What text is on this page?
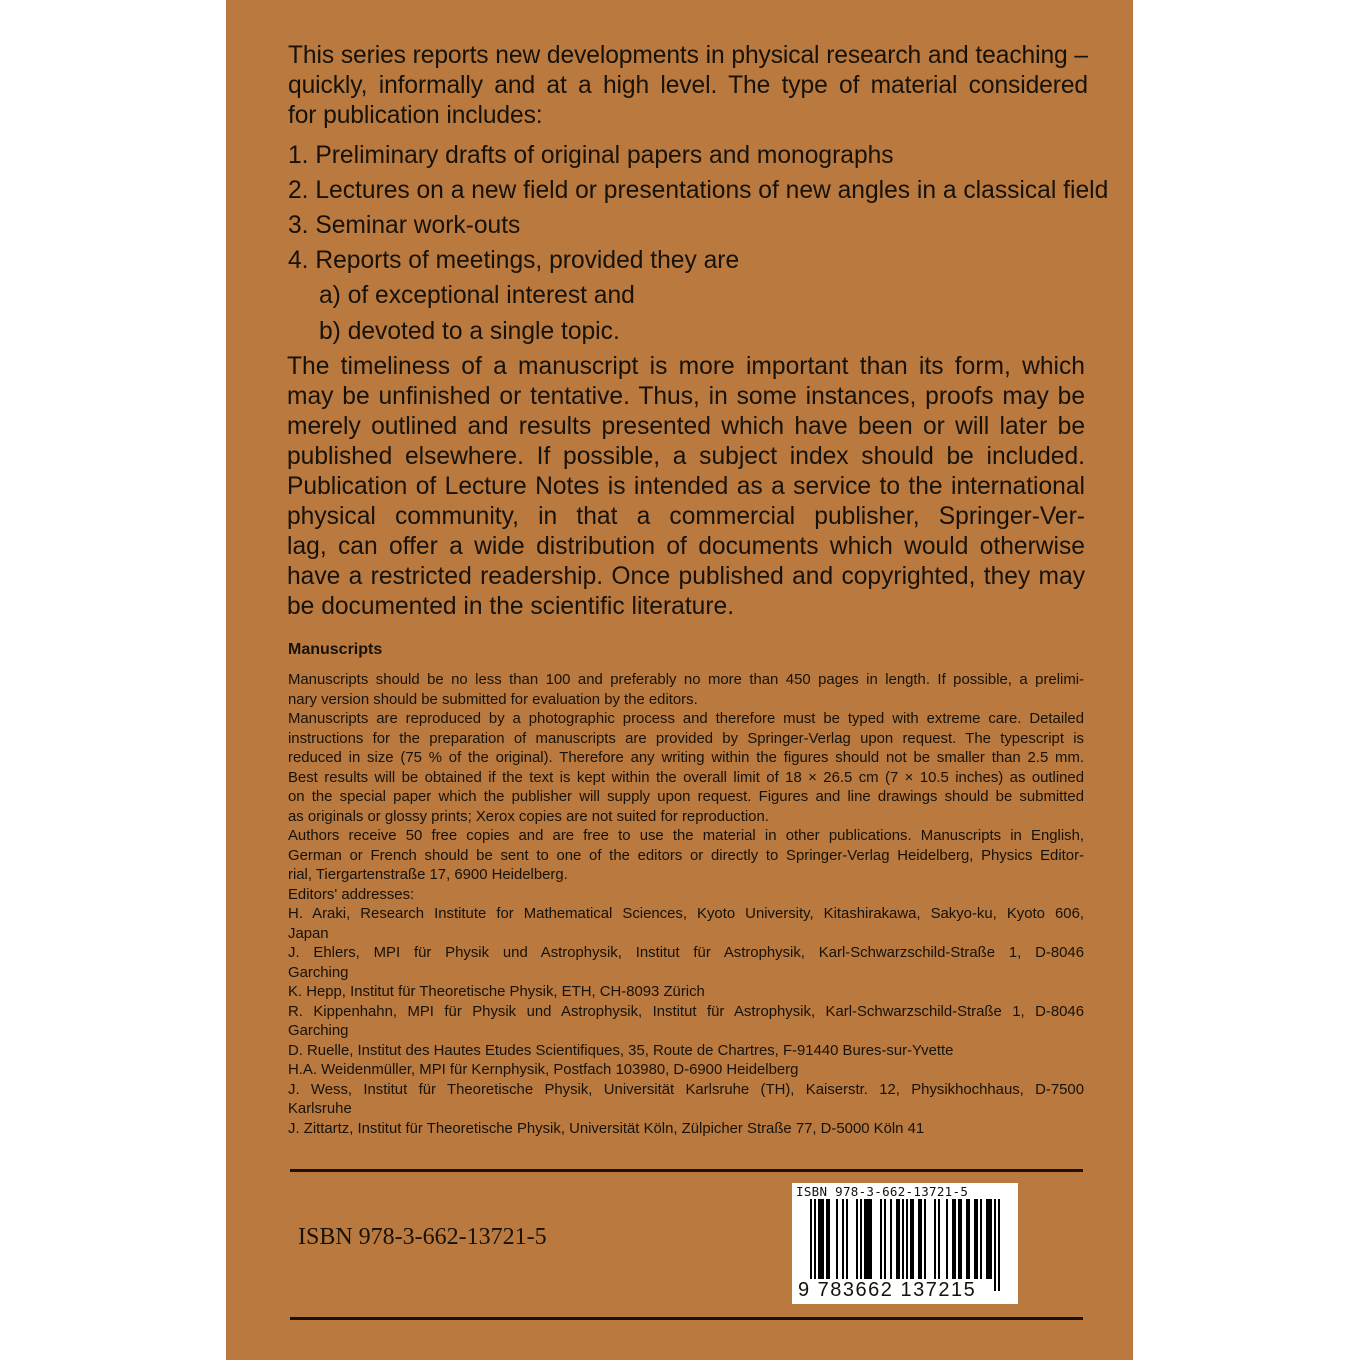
This series reports new developments in physical research and teaching –
quickly, informally and at a high level. The type of material considered
for publication includes:

1. Preliminary drafts of original papers and monographs
2. Lectures on a new field or presentations of new angles in a classical field
3. Seminar work-outs
4. Reports of meetings, provided they are
a) of exceptional interest and
b) devoted to a single topic.

The timeliness of a manuscript is more important than its form, which
may be unfinished or tentative. Thus, in some instances, proofs may be
merely outlined and results presented which have been or will later be
published elsewhere. If possible, a subject index should be included.
Publication of Lecture Notes is intended as a service to the international
physical community, in that a commercial publisher, Springer-Ver-
lag, can offer a wide distribution of documents which would otherwise
have a restricted readership. Once published and copyrighted, they may
be documented in the scientific literature.

Manuscripts

Manuscripts should be no less than 100 and preferably no more than 450 pages in length. If possible, a prelimi-
nary version should be submitted for evaluation by the editors.
Manuscripts are reproduced by a photographic process and therefore must be typed with extreme care. Detailed
instructions for the preparation of manuscripts are provided by Springer-Verlag upon request. The typescript is
reduced in size (75 % of the original). Therefore any writing within the figures should not be smaller than 2.5 mm.
Best results will be obtained if the text is kept within the overall limit of 18 × 26.5 cm (7 × 10.5 inches) as outlined
on the special paper which the publisher will supply upon request. Figures and line drawings should be submitted
as originals or glossy prints; Xerox copies are not suited for reproduction.
Authors receive 50 free copies and are free to use the material in other publications. Manuscripts in English,
German or French should be sent to one of the editors or directly to Springer-Verlag Heidelberg, Physics Editor-
rial, Tiergartenstraße 17, 6900 Heidelberg.
Editors' addresses:
H. Araki, Research Institute for Mathematical Sciences, Kyoto University, Kitashirakawa, Sakyo-ku, Kyoto 606,
Japan
J. Ehlers, MPI für Physik und Astrophysik, Institut für Astrophysik, Karl-Schwarzschild-Straße 1, D-8046
Garching
K. Hepp, Institut für Theoretische Physik, ETH, CH-8093 Zürich
R. Kippenhahn, MPI für Physik und Astrophysik, Institut für Astrophysik, Karl-Schwarzschild-Straße 1, D-8046
Garching
D. Ruelle, Institut des Hautes Etudes Scientifiques, 35, Route de Chartres, F-91440 Bures-sur-Yvette
H.A. Weidenmüller, MPI für Kernphysik, Postfach 103980, D-6900 Heidelberg
J. Wess, Institut für Theoretische Physik, Universität Karlsruhe (TH), Kaiserstr. 12, Physikhochhaus, D-7500
Karlsruhe
J. Zittartz, Institut für Theoretische Physik, Universität Köln, Zülpicher Straße 77, D-5000 Köln 41

ISBN 978-3-662-13721-5

ISBN 978-3-662-13721-5
9 783662 137215
